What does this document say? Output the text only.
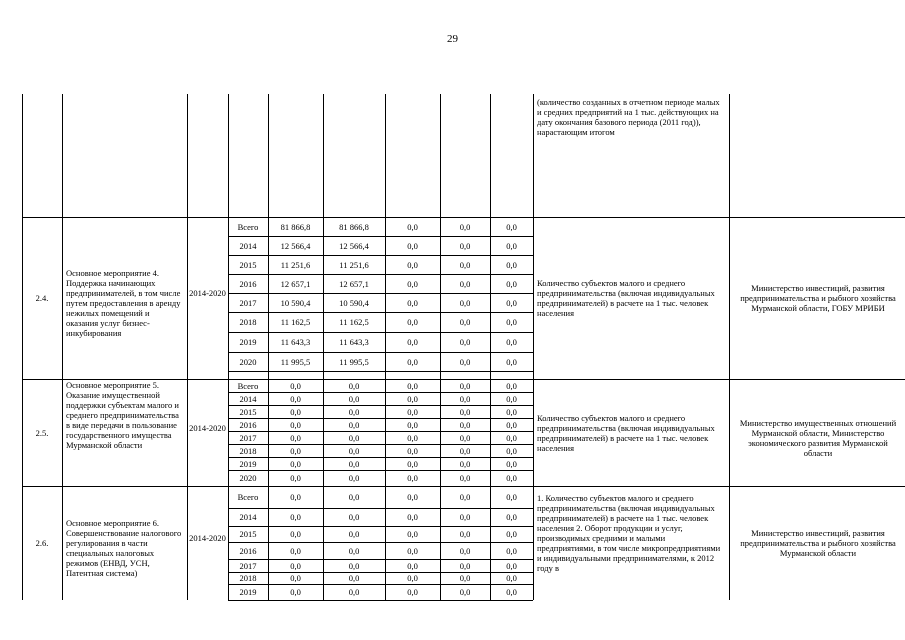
29
(количество созданных в отчетном периоде малых и средних предприятий на 1 тыс. действующих на дату окончания базового периода (2011 год)), нарастающим итогом
2.4.
Основное мероприятие 4. Поддержка начинающих предпринимателей, в том числе путем предоставления в аренду нежилых помещений и оказания услуг бизнес-инкубирования
2014-2020
Всего	81 866,8	81 866,8	0,0	0,0	0,0
2014	12 566,4	12 566,4	0,0	0,0	0,0
2015	11 251,6	11 251,6	0,0	0,0	0,0
2016	12 657,1	12 657,1	0,0	0,0	0,0
2017	10 590,4	10 590,4	0,0	0,0	0,0
2018	11 162,5	11 162,5	0,0	0,0	0,0
2019	11 643,3	11 643,3	0,0	0,0	0,0
2020	11 995,5	11 995,5	0,0	0,0	0,0
Количество субъектов малого и среднего предпринимательства (включая индивидуальных предпринимателей) в расчете на 1 тыс. человек населения
Министерство инвестиций, развития предпринимательства и рыбного хозяйства Мурманской области, ГОБУ МРИБИ
2.5.
Основное мероприятие 5. Оказание имущественной поддержки субъектам малого и среднего предпринимательства в виде передачи в пользование государственного имущества Мурманской области
2014-2020
Всего	0,0	0,0	0,0	0,0	0,0
2014	0,0	0,0	0,0	0,0	0,0
2015	0,0	0,0	0,0	0,0	0,0
2016	0,0	0,0	0,0	0,0	0,0
2017	0,0	0,0	0,0	0,0	0,0
2018	0,0	0,0	0,0	0,0	0,0
2019	0,0	0,0	0,0	0,0	0,0
2020	0,0	0,0	0,0	0,0	0,0
Количество субъектов малого и среднего предпринимательства (включая индивидуальных предпринимателей) в расчете на 1 тыс. человек населения
Министерство имущественных отношений Мурманской области, Министерство экономического развития Мурманской области
2.6.
Основное мероприятие 6. Совершенствование налогового регулирования в части специальных налоговых режимов (ЕНВД, УСН, Патентная система)
2014-2020
Всего	0,0	0,0	0,0	0,0	0,0
2014	0,0	0,0	0,0	0,0	0,0
2015	0,0	0,0	0,0	0,0	0,0
2016	0,0	0,0	0,0	0,0	0,0
2017	0,0	0,0	0,0	0,0	0,0
2018	0,0	0,0	0,0	0,0	0,0
2019	0,0	0,0	0,0	0,0	0,0
1. Количество субъектов малого и среднего предпринимательства (включая индивидуальных предпринимателей) в расчете на 1 тыс. человек населения 2. Оборот продукции и услуг, производимых средними и малыми предприятиями, в том числе микропредприятиями и индивидуальными предпринимателями, к 2012 году в
Министерство инвестиций, развития предпринимательства и рыбного хозяйства Мурманской области
